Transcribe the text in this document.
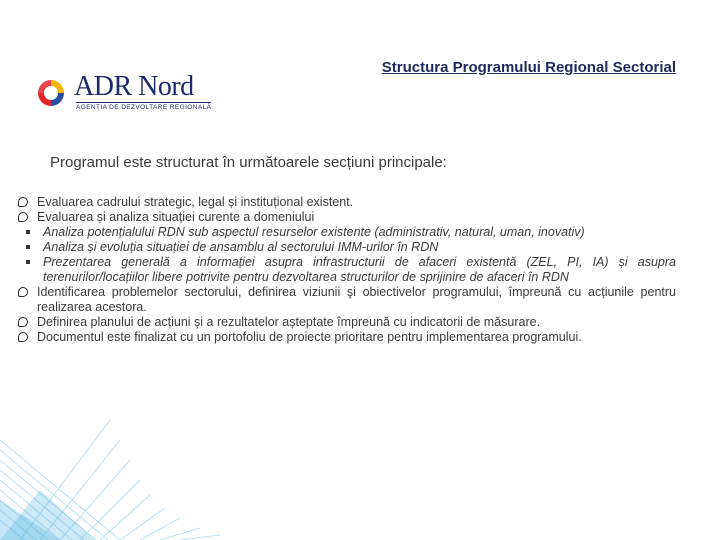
ADR Nord
AGENŢIA DE DEZVOLTARE REGIONALĂ
Structura Programului Regional Sectorial
Programul este structurat în următoarele secțiuni principale:
Evaluarea cadrului strategic, legal și instituțional existent.
Evaluarea și analiza situației curente a domeniului
Analiza potențialului RDN sub aspectul resurselor existente (administrativ, natural, uman, inovativ)
Analiza și evoluția situației de ansamblu al sectorului IMM-urilor în RDN
Prezentarea generală a informației asupra infrastructurii de afaceri existentă (ZEL, PI, IA) și asupra terenurilor/locațiilor libere potrivite pentru dezvoltarea structurilor de sprijinire de afaceri în RDN
Identificarea problemelor sectorului, definirea viziunii şi obiectivelor programului, împreună cu acțiunile pentru realizarea acestora.
Definirea planului de acțiuni şi a rezultatelor așteptate împreună cu indicatorii de măsurare.
Documentul este finalizat cu un portofoliu de proiecte prioritare pentru implementarea programului.
